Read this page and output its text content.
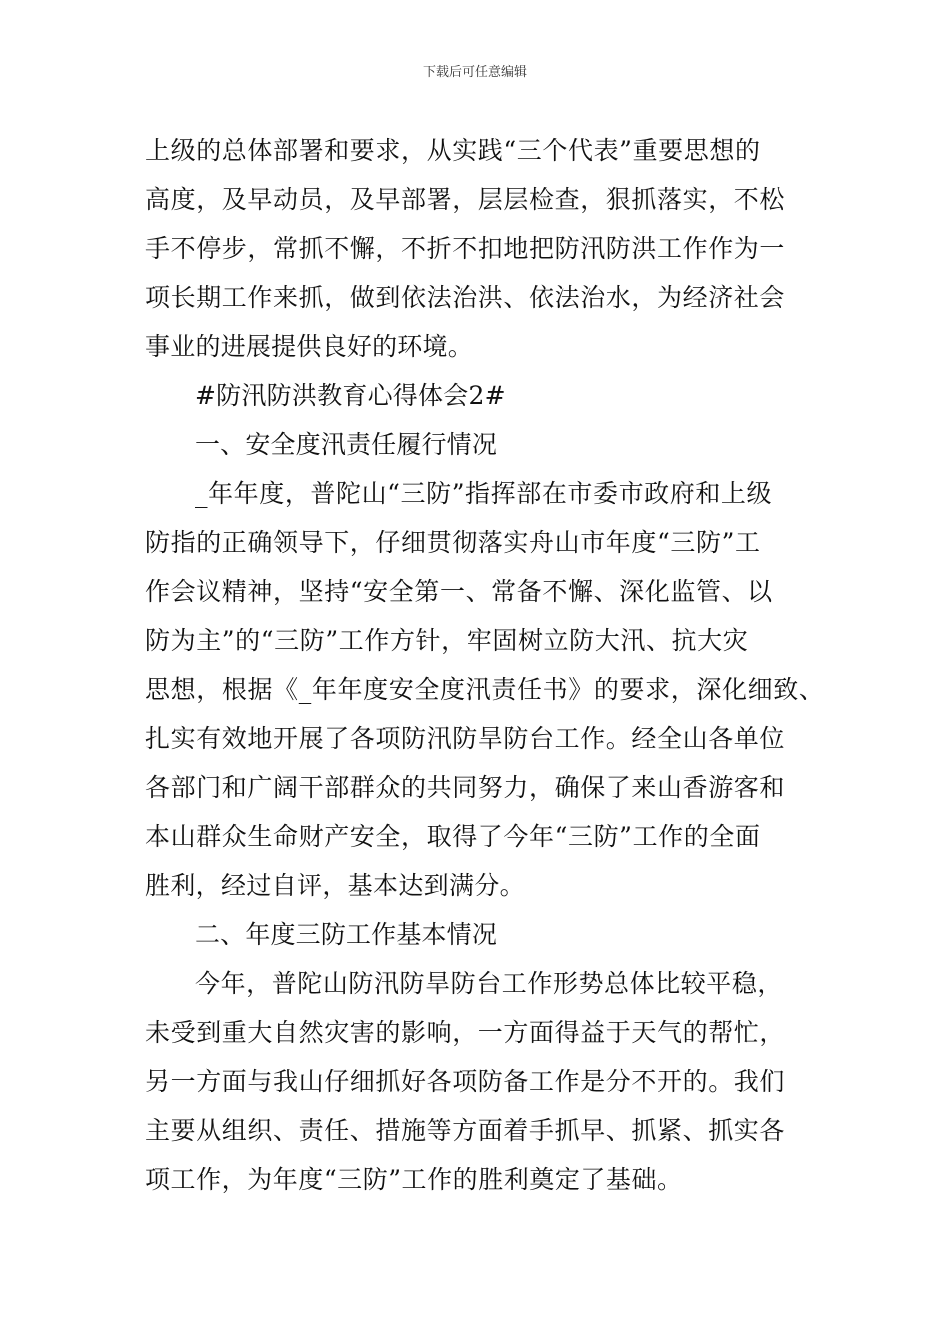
下载后可任意编辑
上级的总体部署和要求，从实践“三个代表”重要思想的
高度，及早动员，及早部署，层层检查，狠抓落实，不松
手不停步，常抓不懈，不折不扣地把防汛防洪工作作为一
项长期工作来抓，做到依法治洪、依法治水，为经济社会
事业的进展提供良好的环境。
#防汛防洪教育心得体会2#
一、安全度汛责任履行情况
_年年度，普陀山“三防”指挥部在市委市政府和上级
防指的正确领导下，仔细贯彻落实舟山市年度“三防”工
作会议精神，坚持“安全第一、常备不懈、深化监管、以
防为主”的“三防”工作方针，牢固树立防大汛、抗大灾
思想，根据《_年年度安全度汛责任书》的要求，深化细致、
扎实有效地开展了各项防汛防旱防台工作。经全山各单位
各部门和广阔干部群众的共同努力，确保了来山香游客和
本山群众生命财产安全，取得了今年“三防”工作的全面
胜利，经过自评，基本达到满分。
二、年度三防工作基本情况
今年，普陀山防汛防旱防台工作形势总体比较平稳，
未受到重大自然灾害的影响，一方面得益于天气的帮忙，
另一方面与我山仔细抓好各项防备工作是分不开的。我们
主要从组织、责任、措施等方面着手抓早、抓紧、抓实各
项工作，为年度“三防”工作的胜利奠定了基础。
